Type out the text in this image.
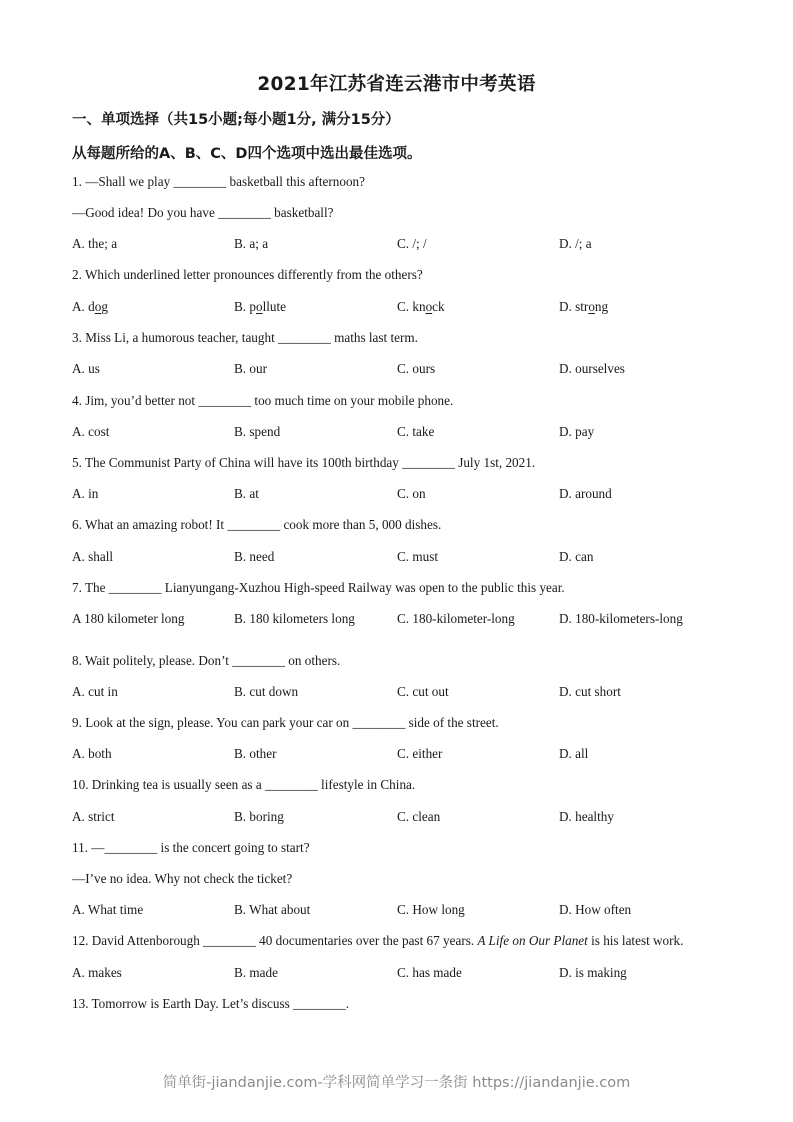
2021年江苏省连云港市中考英语
一、单项选择（共15小题;每小题1分, 满分15分）
从每题所给的A、B、C、D四个选项中选出最佳选项。
1. —Shall we play ________ basketball this afternoon?
—Good idea! Do you have ________ basketball?
A. the; a	B. a; a	C. /; /	D. /; a
2. Which underlined letter pronounces differently from the others?
A. dog	B. pollute	C. knock	D. strong
3. Miss Li, a humorous teacher, taught ________ maths last term.
A. us	B. our	C. ours	D. ourselves
4. Jim, you’d better not ________ too much time on your mobile phone.
A. cost	B. spend	C. take	D. pay
5. The Communist Party of China will have its 100th birthday ________ July 1st, 2021.
A. in	B. at	C. on	D. around
6. What an amazing robot! It ________ cook more than 5, 000 dishes.
A. shall	B. need	C. must	D. can
7. The ________ Lianyungang-Xuzhou High-speed Railway was open to the public this year.
A 180 kilometer long	B. 180 kilometers long	C. 180-kilometer-long	D. 180-kilometers-long
8. Wait politely, please. Don’t ________ on others.
A. cut in	B. cut down	C. cut out	D. cut short
9. Look at the sign, please. You can park your car on ________ side of the street.
A. both	B. other	C. either	D. all
10. Drinking tea is usually seen as a ________ lifestyle in China.
A. strict	B. boring	C. clean	D. healthy
11. —________ is the concert going to start?
—I’ve no idea. Why not check the ticket?
A. What time	B. What about	C. How long	D. How often
12. David Attenborough ________ 40 documentaries over the past 67 years. A Life on Our Planet is his latest work.
A. makes	B. made	C. has made	D. is making
13. Tomorrow is Earth Day. Let’s discuss ________.
简单街-jiandanjie.com-学科网简单学习一条街 https://jiandanjie.com
